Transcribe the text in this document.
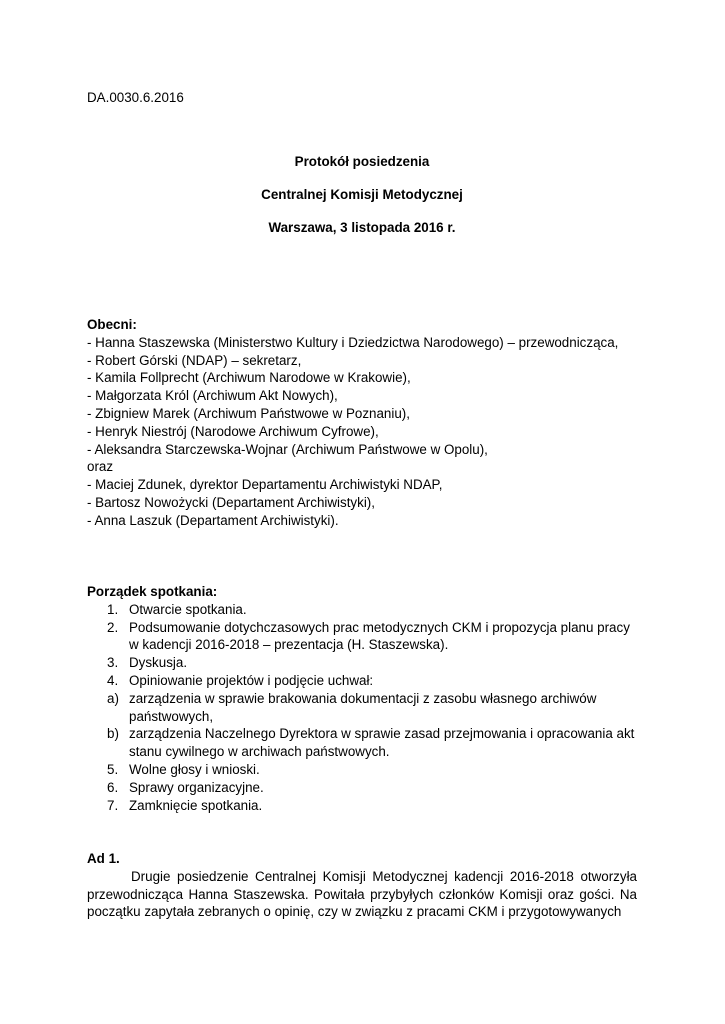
DA.0030.6.2016
Protokół posiedzenia
Centralnej Komisji Metodycznej
Warszawa, 3 listopada 2016 r.
Obecni:
- Hanna Staszewska (Ministerstwo Kultury i Dziedzictwa Narodowego) – przewodnicząca,
- Robert Górski (NDAP) – sekretarz,
- Kamila Follprecht (Archiwum Narodowe w Krakowie),
- Małgorzata Król (Archiwum Akt Nowych),
- Zbigniew Marek (Archiwum Państwowe w Poznaniu),
- Henryk Niestrój (Narodowe Archiwum Cyfrowe),
- Aleksandra Starczewska-Wojnar (Archiwum Państwowe w Opolu),
oraz
- Maciej Zdunek, dyrektor Departamentu Archiwistyki NDAP,
- Bartosz Nowożycki (Departament Archiwistyki),
- Anna Laszuk (Departament Archiwistyki).
Porządek spotkania:
1. Otwarcie spotkania.
2. Podsumowanie dotychczasowych prac metodycznych CKM i propozycja planu pracy w kadencji 2016-2018 – prezentacja (H. Staszewska).
3. Dyskusja.
4. Opiniowanie projektów i podjęcie uchwał:
a) zarządzenia w sprawie brakowania dokumentacji z zasobu własnego archiwów państwowych,
b) zarządzenia Naczelnego Dyrektora w sprawie zasad przejmowania i opracowania akt stanu cywilnego w archiwach państwowych.
5. Wolne głosy i wnioski.
6. Sprawy organizacyjne.
7. Zamknięcie spotkania.
Ad 1.
Drugie posiedzenie Centralnej Komisji Metodycznej kadencji 2016-2018 otworzyła przewodnicząca Hanna Staszewska. Powitała przybyłych członków Komisji oraz gości. Na początku zapytała zebranych o opinię, czy w związku z pracami CKM i przygotowywanych
